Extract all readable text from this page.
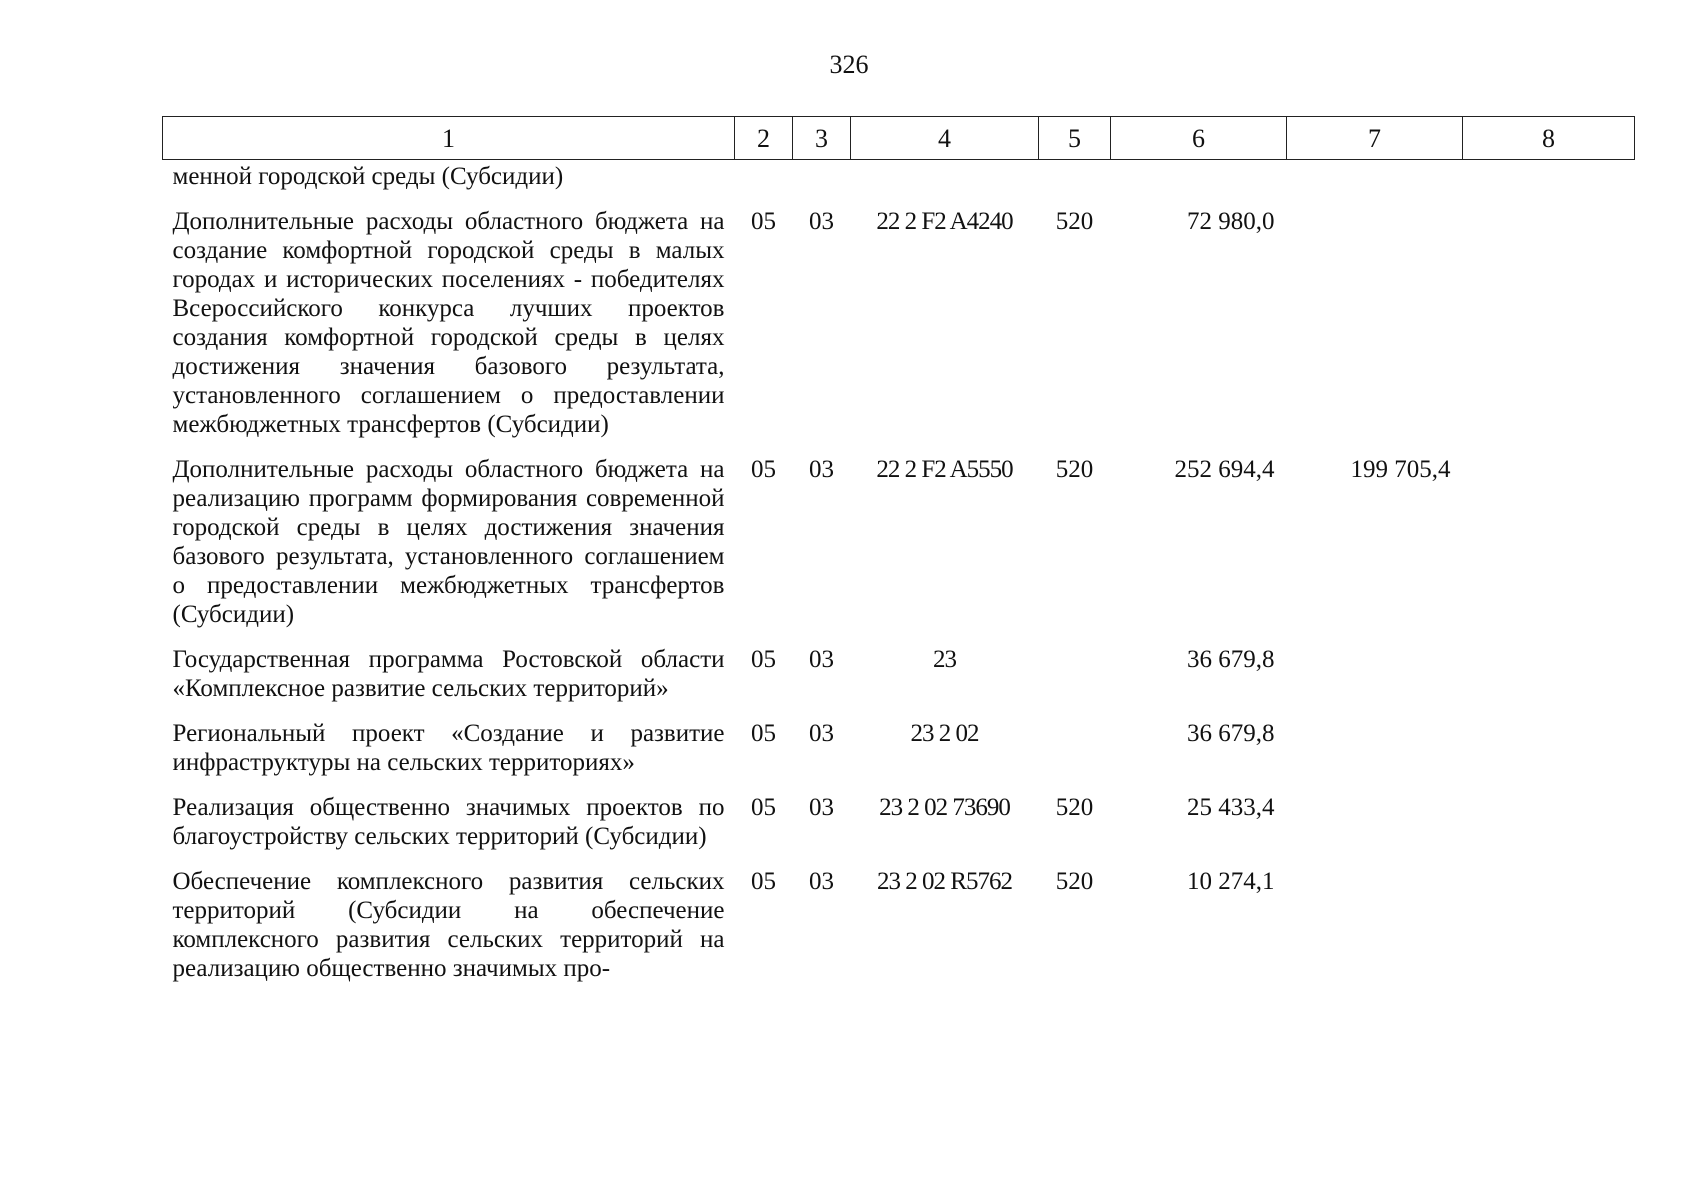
326
1	2	3	4	5	6	7	8
менной городской среды (Субсидии)							
Дополнительные расходы областного бюджета на создание комфортной городской среды в малых городах и исторических поселениях - победителях Всероссийского конкурса лучших проектов создания комфортной городской среды в целях достижения значения базового результата, установленного соглашением о предоставлении межбюджетных трансфертов (Субсидии)	05	03	22 2 F2 A4240	520	72 980,0		
Дополнительные расходы областного бюджета на реализацию программ формирования современной городской среды в целях достижения значения базового результата, установленного соглашением о предоставлении межбюджетных трансфертов (Субсидии)	05	03	22 2 F2 A5550	520	252 694,4	199 705,4	
Государственная программа Ростовской области «Комплексное развитие сельских территорий»	05	03	23		36 679,8		
Региональный проект «Создание и развитие инфраструктуры на сельских территориях»	05	03	23 2 02		36 679,8		
Реализация общественно значимых проектов по благоустройству сельских территорий (Субсидии)	05	03	23 2 02 73690	520	25 433,4		
Обеспечение комплексного развития сельских территорий (Субсидии на обеспечение комплексного развития сельских территорий на реализацию общественно значимых про-	05	03	23 2 02 R5762	520	10 274,1		
